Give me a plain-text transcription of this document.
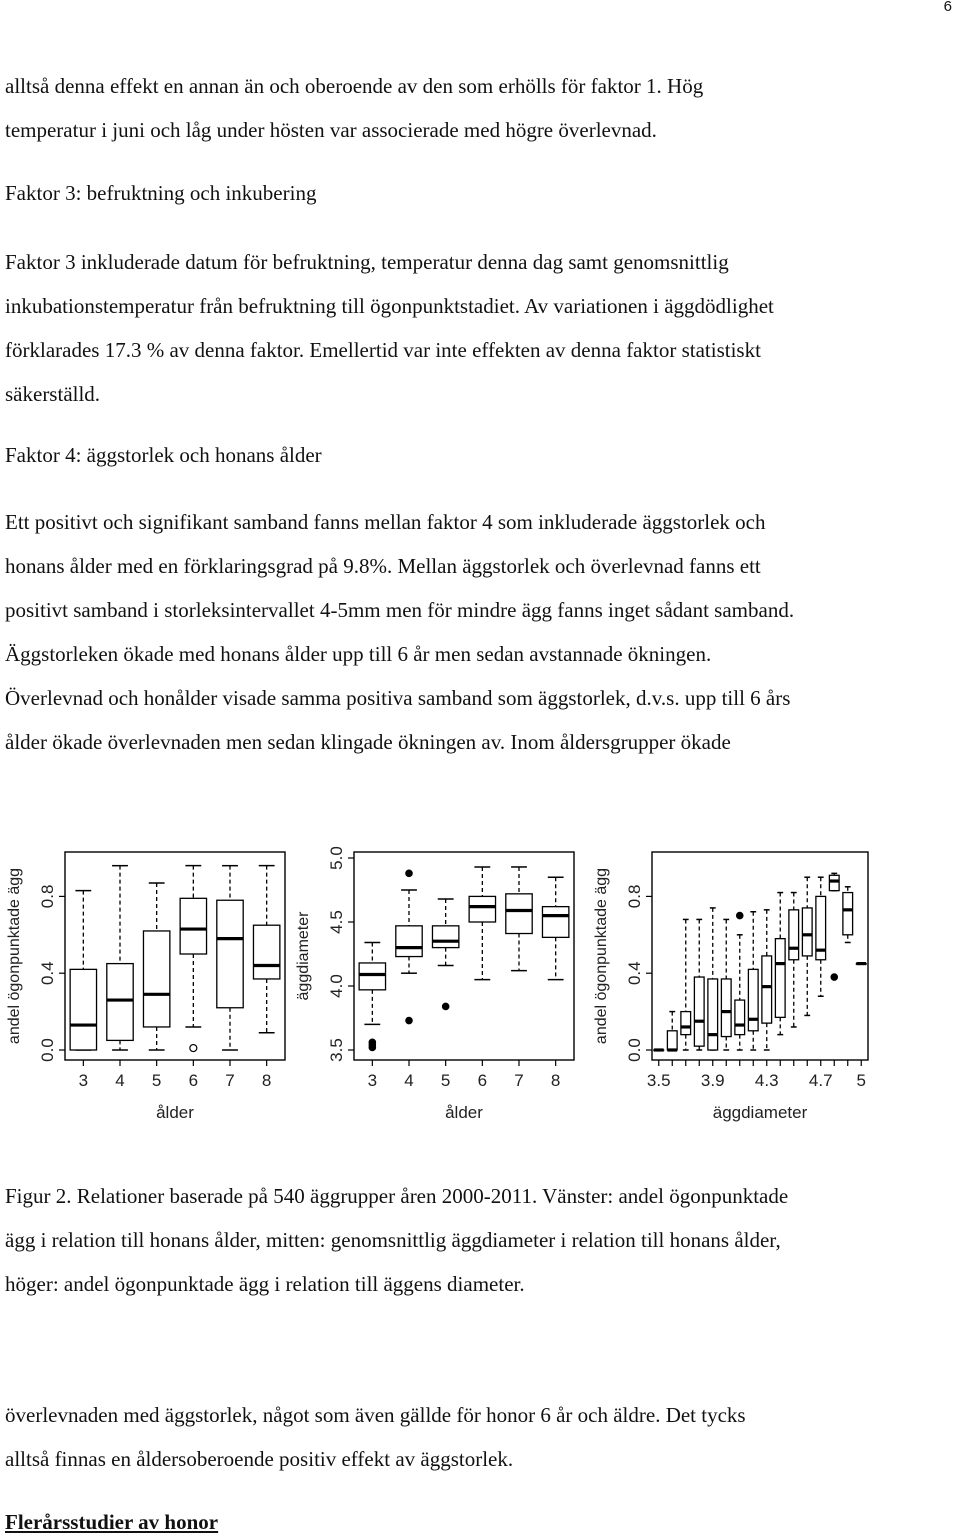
6
alltså denna effekt en annan än och oberoende av den som erhölls för faktor 1. Hög
temperatur i juni och låg under hösten var associerade med högre överlevnad.
Faktor 3: befruktning och inkubering
Faktor 3 inkluderade datum för befruktning, temperatur denna dag samt genomsnittlig
inkubationstemperatur från befruktning till ögonpunktstadiet. Av variationen i äggdödlighet
förklarades 17.3 % av denna faktor. Emellertid var inte effekten av denna faktor statistiskt
säkerställd.
Faktor 4: äggstorlek och honans ålder
Ett positivt och signifikant samband fanns mellan faktor 4 som inkluderade äggstorlek och
honans ålder med en förklaringsgrad på 9.8%. Mellan äggstorlek och överlevnad fanns ett
positivt samband i storleksintervallet 4-5mm men för mindre ägg fanns inget sådant samband.
Äggstorleken ökade med honans ålder upp till 6 år men sedan avstannade ökningen.
Överlevnad och honålder visade samma positiva samband som äggstorlek, d.v.s. upp till 6 års
ålder ökade överlevnaden men sedan klingade ökningen av. Inom åldersgrupper ökade
0.0
0.4
0.8
andel ögonpunktade ägg
3 4 5 6 7 8
ålder
3.5
4.0
4.5
5.0
äggdiameter
3 4 5 6 7 8
ålder
0.0
0.4
0.8
andel ögonpunktade ägg
3.5 3.9 4.3 4.7 5
äggdiameter
Figur 2. Relationer baserade på 540 äggrupper åren 2000-2011. Vänster: andel ögonpunktade
ägg i relation till honans ålder, mitten: genomsnittlig äggdiameter i relation till honans ålder,
höger: andel ögonpunktade ägg i relation till äggens diameter.
överlevnaden med äggstorlek, något som även gällde för honor 6 år och äldre. Det tycks
alltså finnas en åldersoberoende positiv effekt av äggstorlek.
Flerårsstudier av honor
